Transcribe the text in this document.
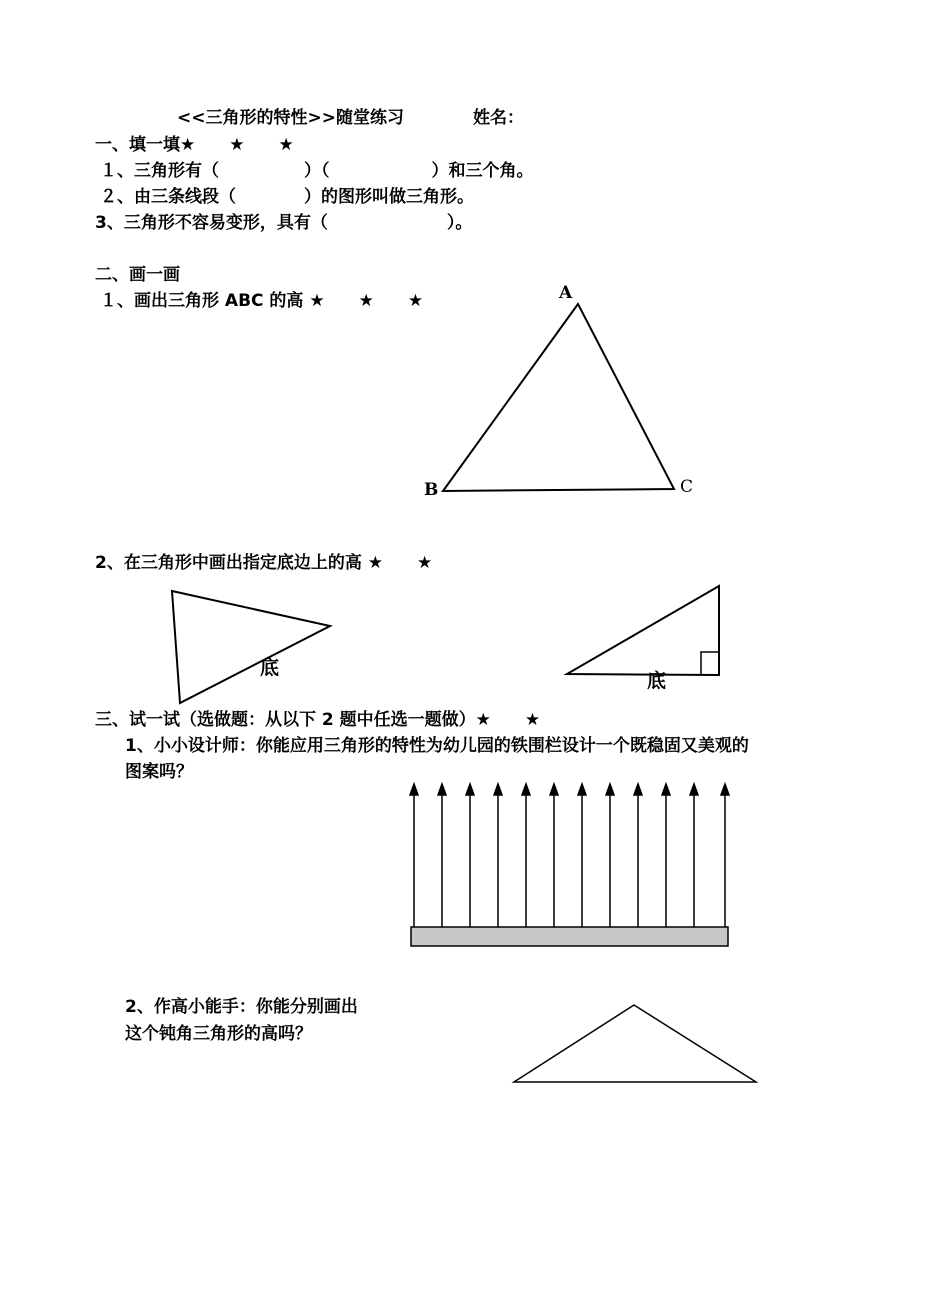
<<三角形的特性>>随堂练习	姓名：
一、填一填★　　★　　★
１、三角形有（　　　　　）（　　　　　　）和三个角。
２、由三条线段（　　　　）的图形叫做三角形。
3、三角形不容易变形，具有（　　　　　　　）。
二、画一画
１、画出三角形 ABC 的高 ★　　★　　★	A
B	C
2、在三角形中画出指定底边上的高 ★　　★
底
底
三、试一试（选做题：从以下 2 题中任选一题做）★　　★
1、小小设计师：你能应用三角形的特性为幼儿园的铁围栏设计一个既稳固又美观的
图案吗？
2、作高小能手：你能分别画出
这个钝角三角形的高吗？
